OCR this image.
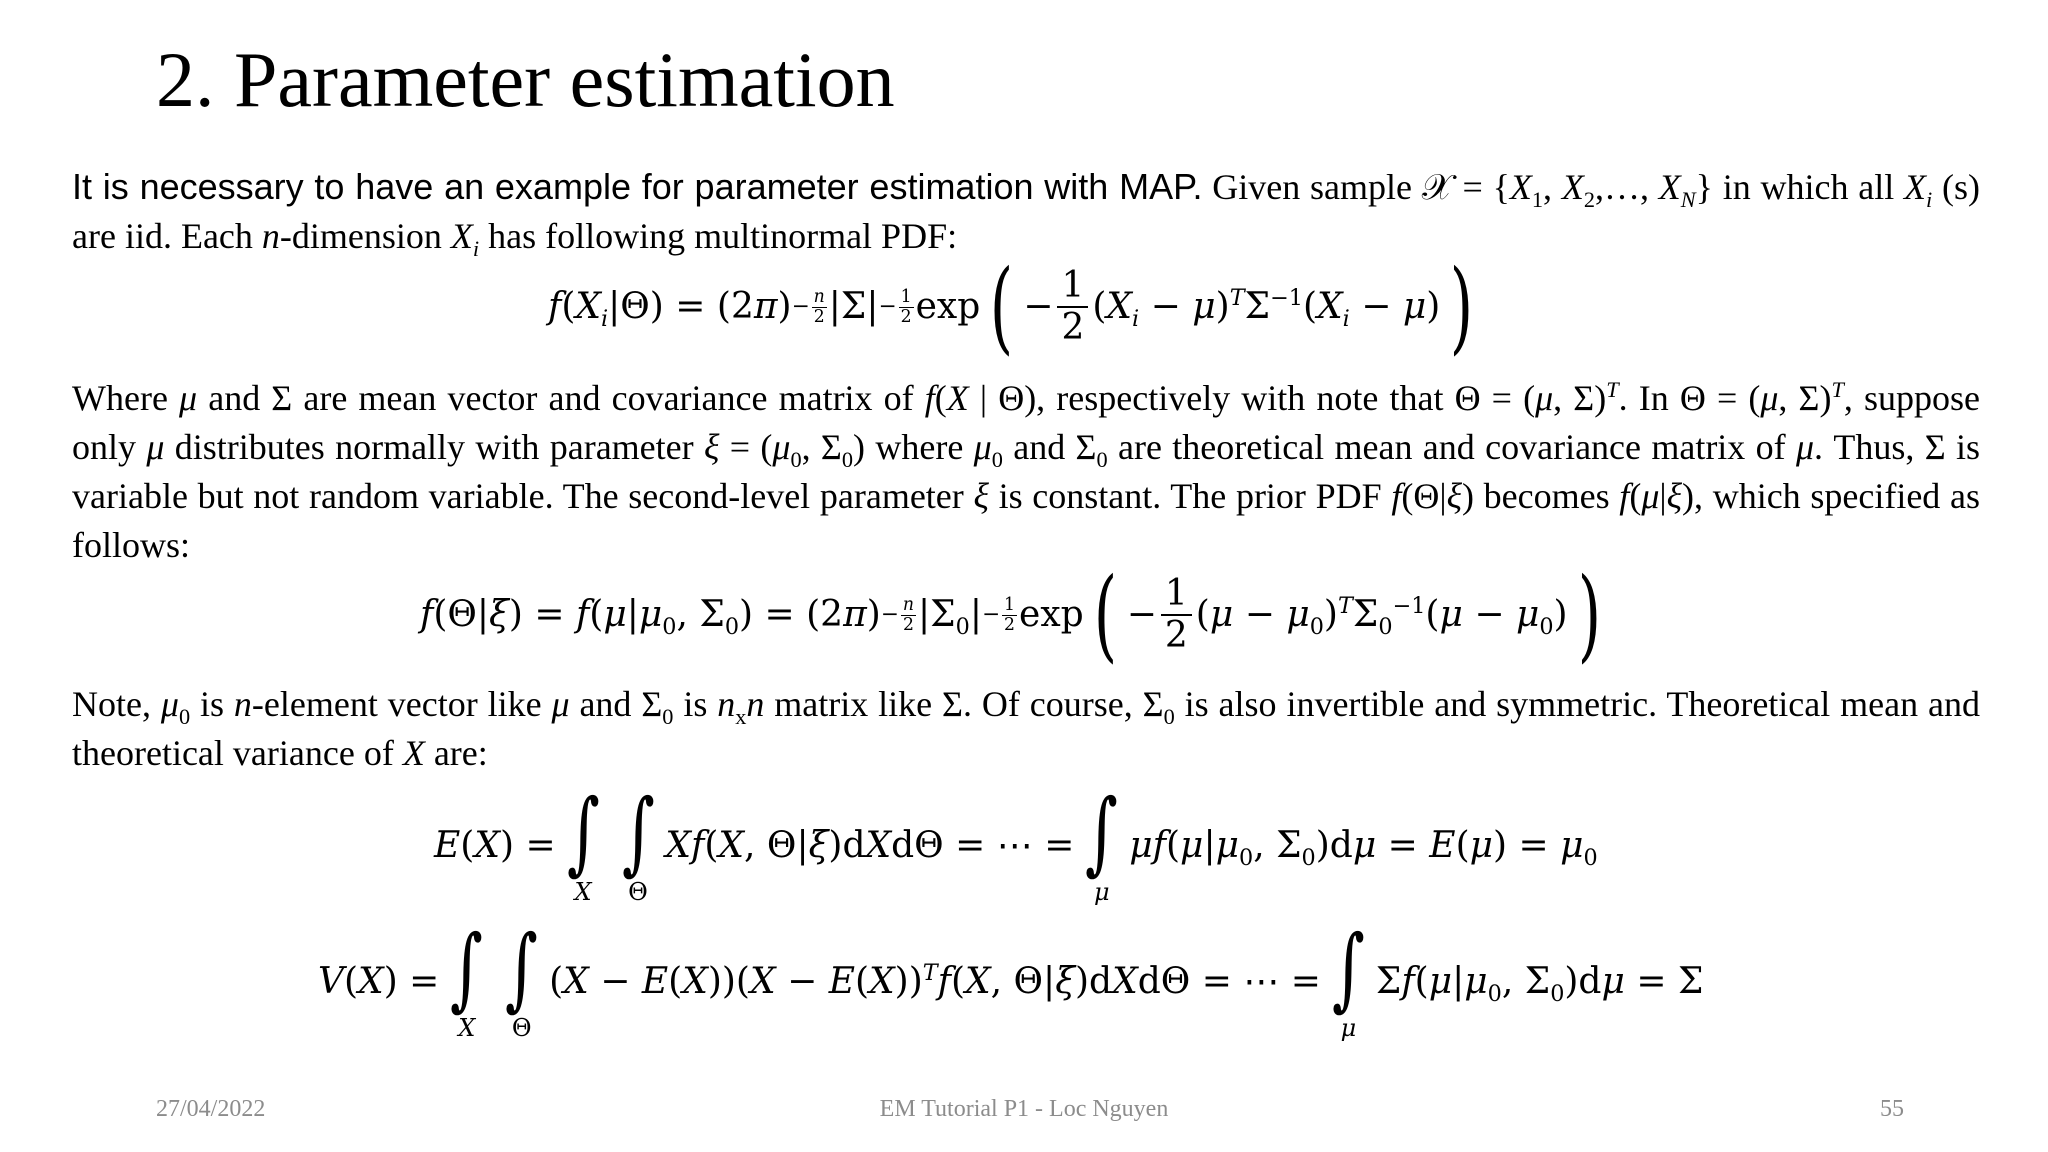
2. Parameter estimation
It is necessary to have an example for parameter estimation with MAP. Given sample 𝒳 = {$X_1$, $X_2,\dots$, $X_N$} in which all $X_i$ (s) are iid. Each n-dimension $X_i$ has following multinormal PDF:
$f(X_i|\Theta) = (2\pi) - \frac{n}{2} |\Sigma| - \frac{1}{2}$ exp ( − $\frac{1}{2} (X_i - \mu)^T\Sigma^{-1}(X_i - \mu)$ )
Where μ and Σ are mean vector and covariance matrix of f(X | Θ), respectively with note that Θ = (μ, Σ)$^T$. In Θ = (μ, Σ)$^T$, suppose only μ distributes normally with parameter $\xi = (\mu_0$, $\Sigma_0$) where $\mu_0$ and $\Sigma_0$ are theoretical mean and covariance matrix of μ. Thus, Σ is variable but not random variable. The second-level parameter ξ is constant. The prior PDF f(Θ|ξ) becomes f(μ|ξ), which specified as follows:
$f(\Theta|\xi) = f(\mu|\mu_0$, $\Sigma_0) = (2\pi) - \frac{n}{2} |\Sigma_0| - \frac{1}{2}$ exp ( − $\frac{1}{2} (\mu - \mu_0)^T\Sigma_0^{-1}(\mu - \mu_0)$ )
Note, $\mu_0$ is n-element vector like μ and $\Sigma_0$ is $n_xn$ matrix like Σ. Of course, $\Sigma_0$ is also invertible and symmetric. Theoretical mean and theoretical variance of X are:
E(X) = ∫
X
∫
Θ
Xf(X, Θ|ξ)dXdΘ = ⋯ = ∫
μ
$\mu f(\mu|\mu_0$, $\Sigma_0)d\mu = E(\mu) = \mu_0$
V(X) = ∫
X
∫
Θ
$(X - E(X))(X - E(X))^Tf(X$, Θ|ξ)dXdΘ = ⋯ = ∫
μ
$\Sigma f(\mu|\mu_0$, $\Sigma_0)d\mu = \Sigma$
27/04/2022	EM Tutorial P1 - Loc Nguyen	55
